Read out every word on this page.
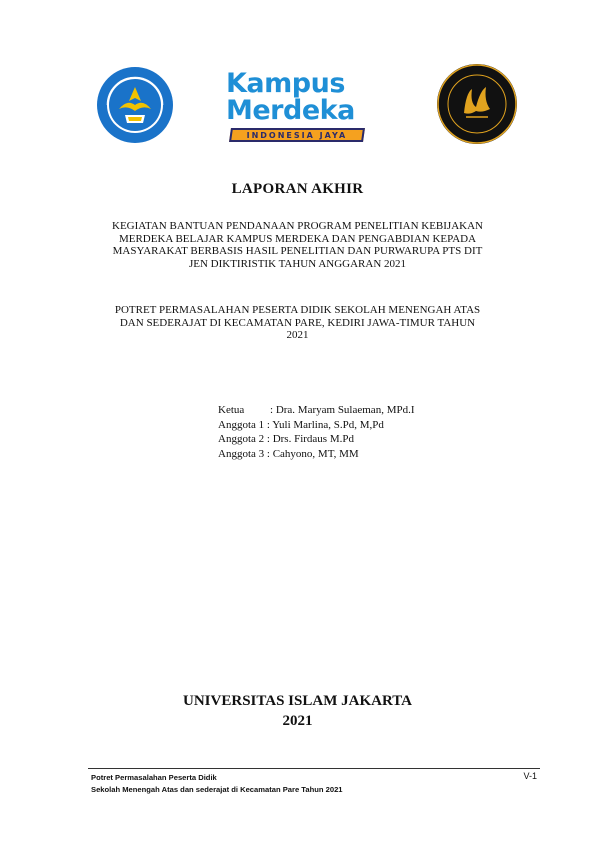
Kampus
Merdeka
INDONESIA JAYA
LAPORAN AKHIR
KEGIATAN BANTUAN PENDANAAN PROGRAM PENELITIAN KEBIJAKAN
MERDEKA BELAJAR KAMPUS MERDEKA DAN PENGABDIAN KEPADA
MASYARAKAT BERBASIS HASIL PENELITIAN DAN PURWARUPA PTS DIT
JEN DIKTIRISTIK TAHUN ANGGARAN 2021
POTRET PERMASALAHAN PESERTA DIDIK SEKOLAH MENENGAH ATAS
DAN SEDERAJAT DI KECAMATAN PARE, KEDIRI JAWA-TIMUR TAHUN
2021
Ketua : Dra. Maryam Sulaeman, MPd.I
Anggota 1 : Yuli Marlina, S.Pd, M,Pd
Anggota 2 : Drs. Firdaus M.Pd
Anggota 3 : Cahyono, MT, MM
UNIVERSITAS ISLAM JAKARTA
2021
Potret Permasalahan Peserta Didik
Sekolah Menengah Atas dan sederajat di Kecamatan Pare Tahun 2021
V-1
